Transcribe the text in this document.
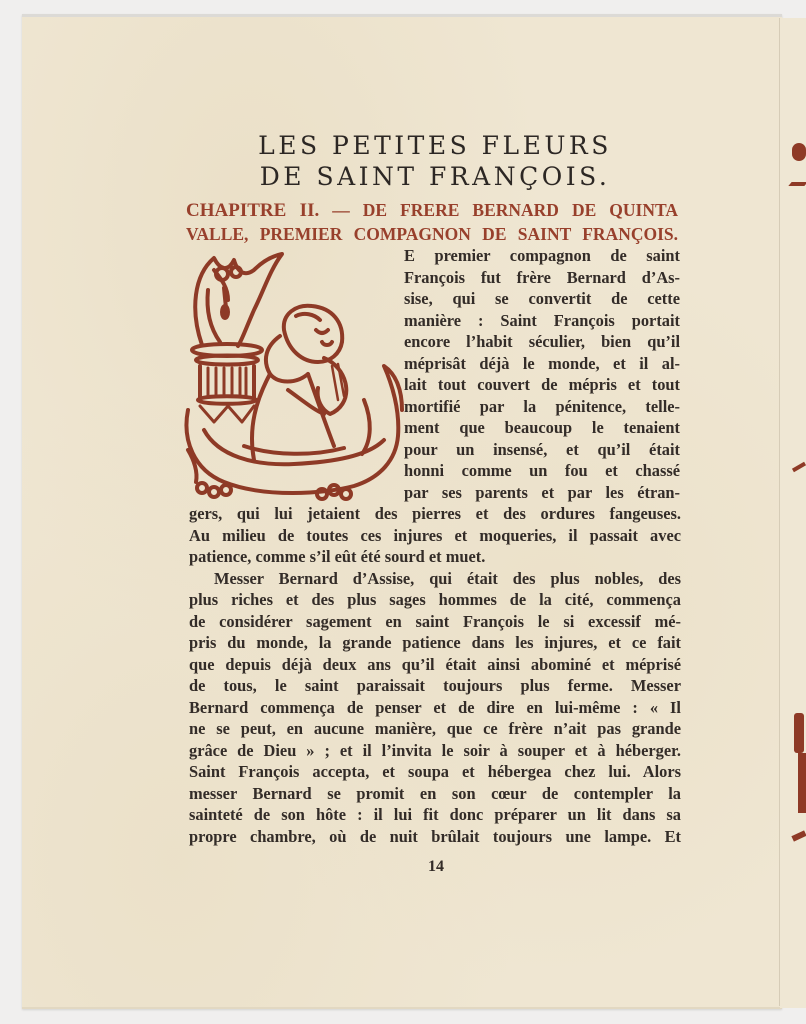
LES PETITES FLEURS
DE SAINT FRANÇOIS.
CHAPITRE II. — DE FRERE BERNARD DE QUINTA
VALLE, PREMIER COMPAGNON DE SAINT FRANÇOIS.
E premier compagnon de saint
François fut frère Bernard d’As-
sise, qui se convertit de cette
manière : Saint François portait
encore l’habit séculier, bien qu’il
méprisât déjà le monde, et il al-
lait tout couvert de mépris et tout
mortifié par la pénitence, telle-
ment que beaucoup le tenaient
pour un insensé, et qu’il était
honni comme un fou et chassé
par ses parents et par les étran-
gers, qui lui jetaient des pierres et des ordures fangeuses.
Au milieu de toutes ces injures et moqueries, il passait avec
patience, comme s’il eût été sourd et muet.
Messer Bernard d’Assise, qui était des plus nobles, des
plus riches et des plus sages hommes de la cité, commença
de considérer sagement en saint François le si excessif mé-
pris du monde, la grande patience dans les injures, et ce fait
que depuis déjà deux ans qu’il était ainsi abominé et méprisé
de tous, le saint paraissait toujours plus ferme. Messer
Bernard commença de penser et de dire en lui-même : « Il
ne se peut, en aucune manière, que ce frère n’ait pas grande
grâce de Dieu » ; et il l’invita le soir à souper et à héberger.
Saint François accepta, et soupa et hébergea chez lui. Alors
messer Bernard se promit en son cœur de contempler la
sainteté de son hôte : il lui fit donc préparer un lit dans sa
propre chambre, où de nuit brûlait toujours une lampe. Et
14
